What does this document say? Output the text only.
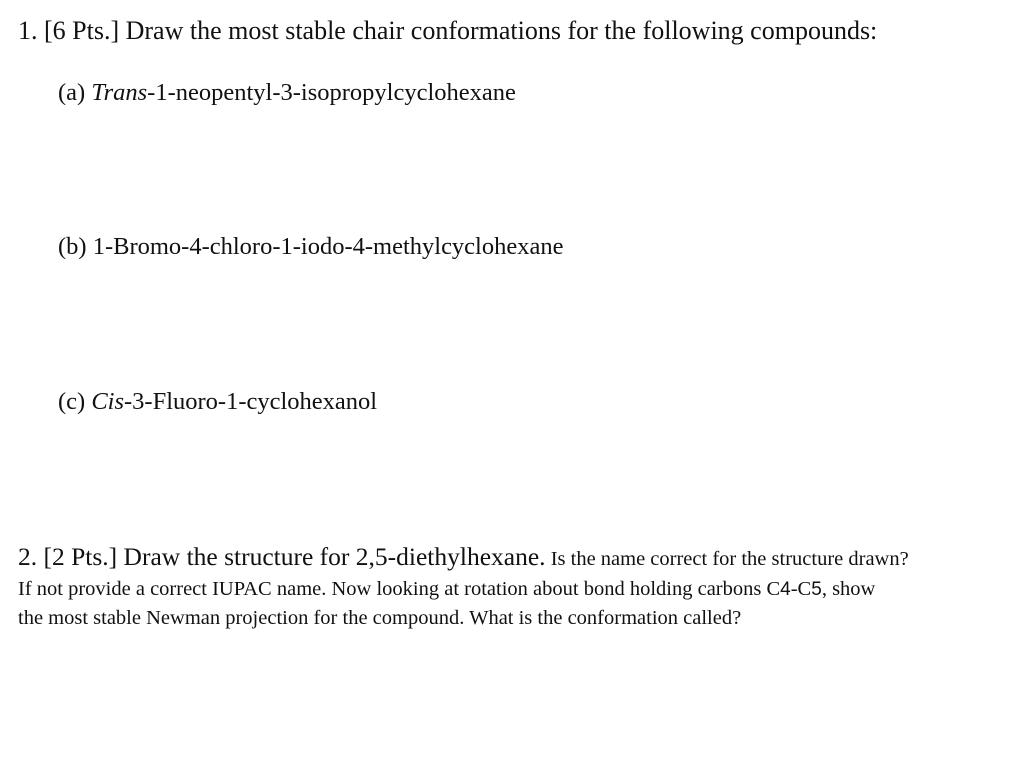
1. [6 Pts.] Draw the most stable chair conformations for the following compounds:
(a) Trans-1-neopentyl-3-isopropylcyclohexane
(b) 1-Bromo-4-chloro-1-iodo-4-methylcyclohexane
(c) Cis-3-Fluoro-1-cyclohexanol
2. [2 Pts.] Draw the structure for 2,5-diethylhexane. Is the name correct for the structure drawn?
If not provide a correct IUPAC name. Now looking at rotation about bond holding carbons C4-C5, show
the most stable Newman projection for the compound. What is the conformation called?
